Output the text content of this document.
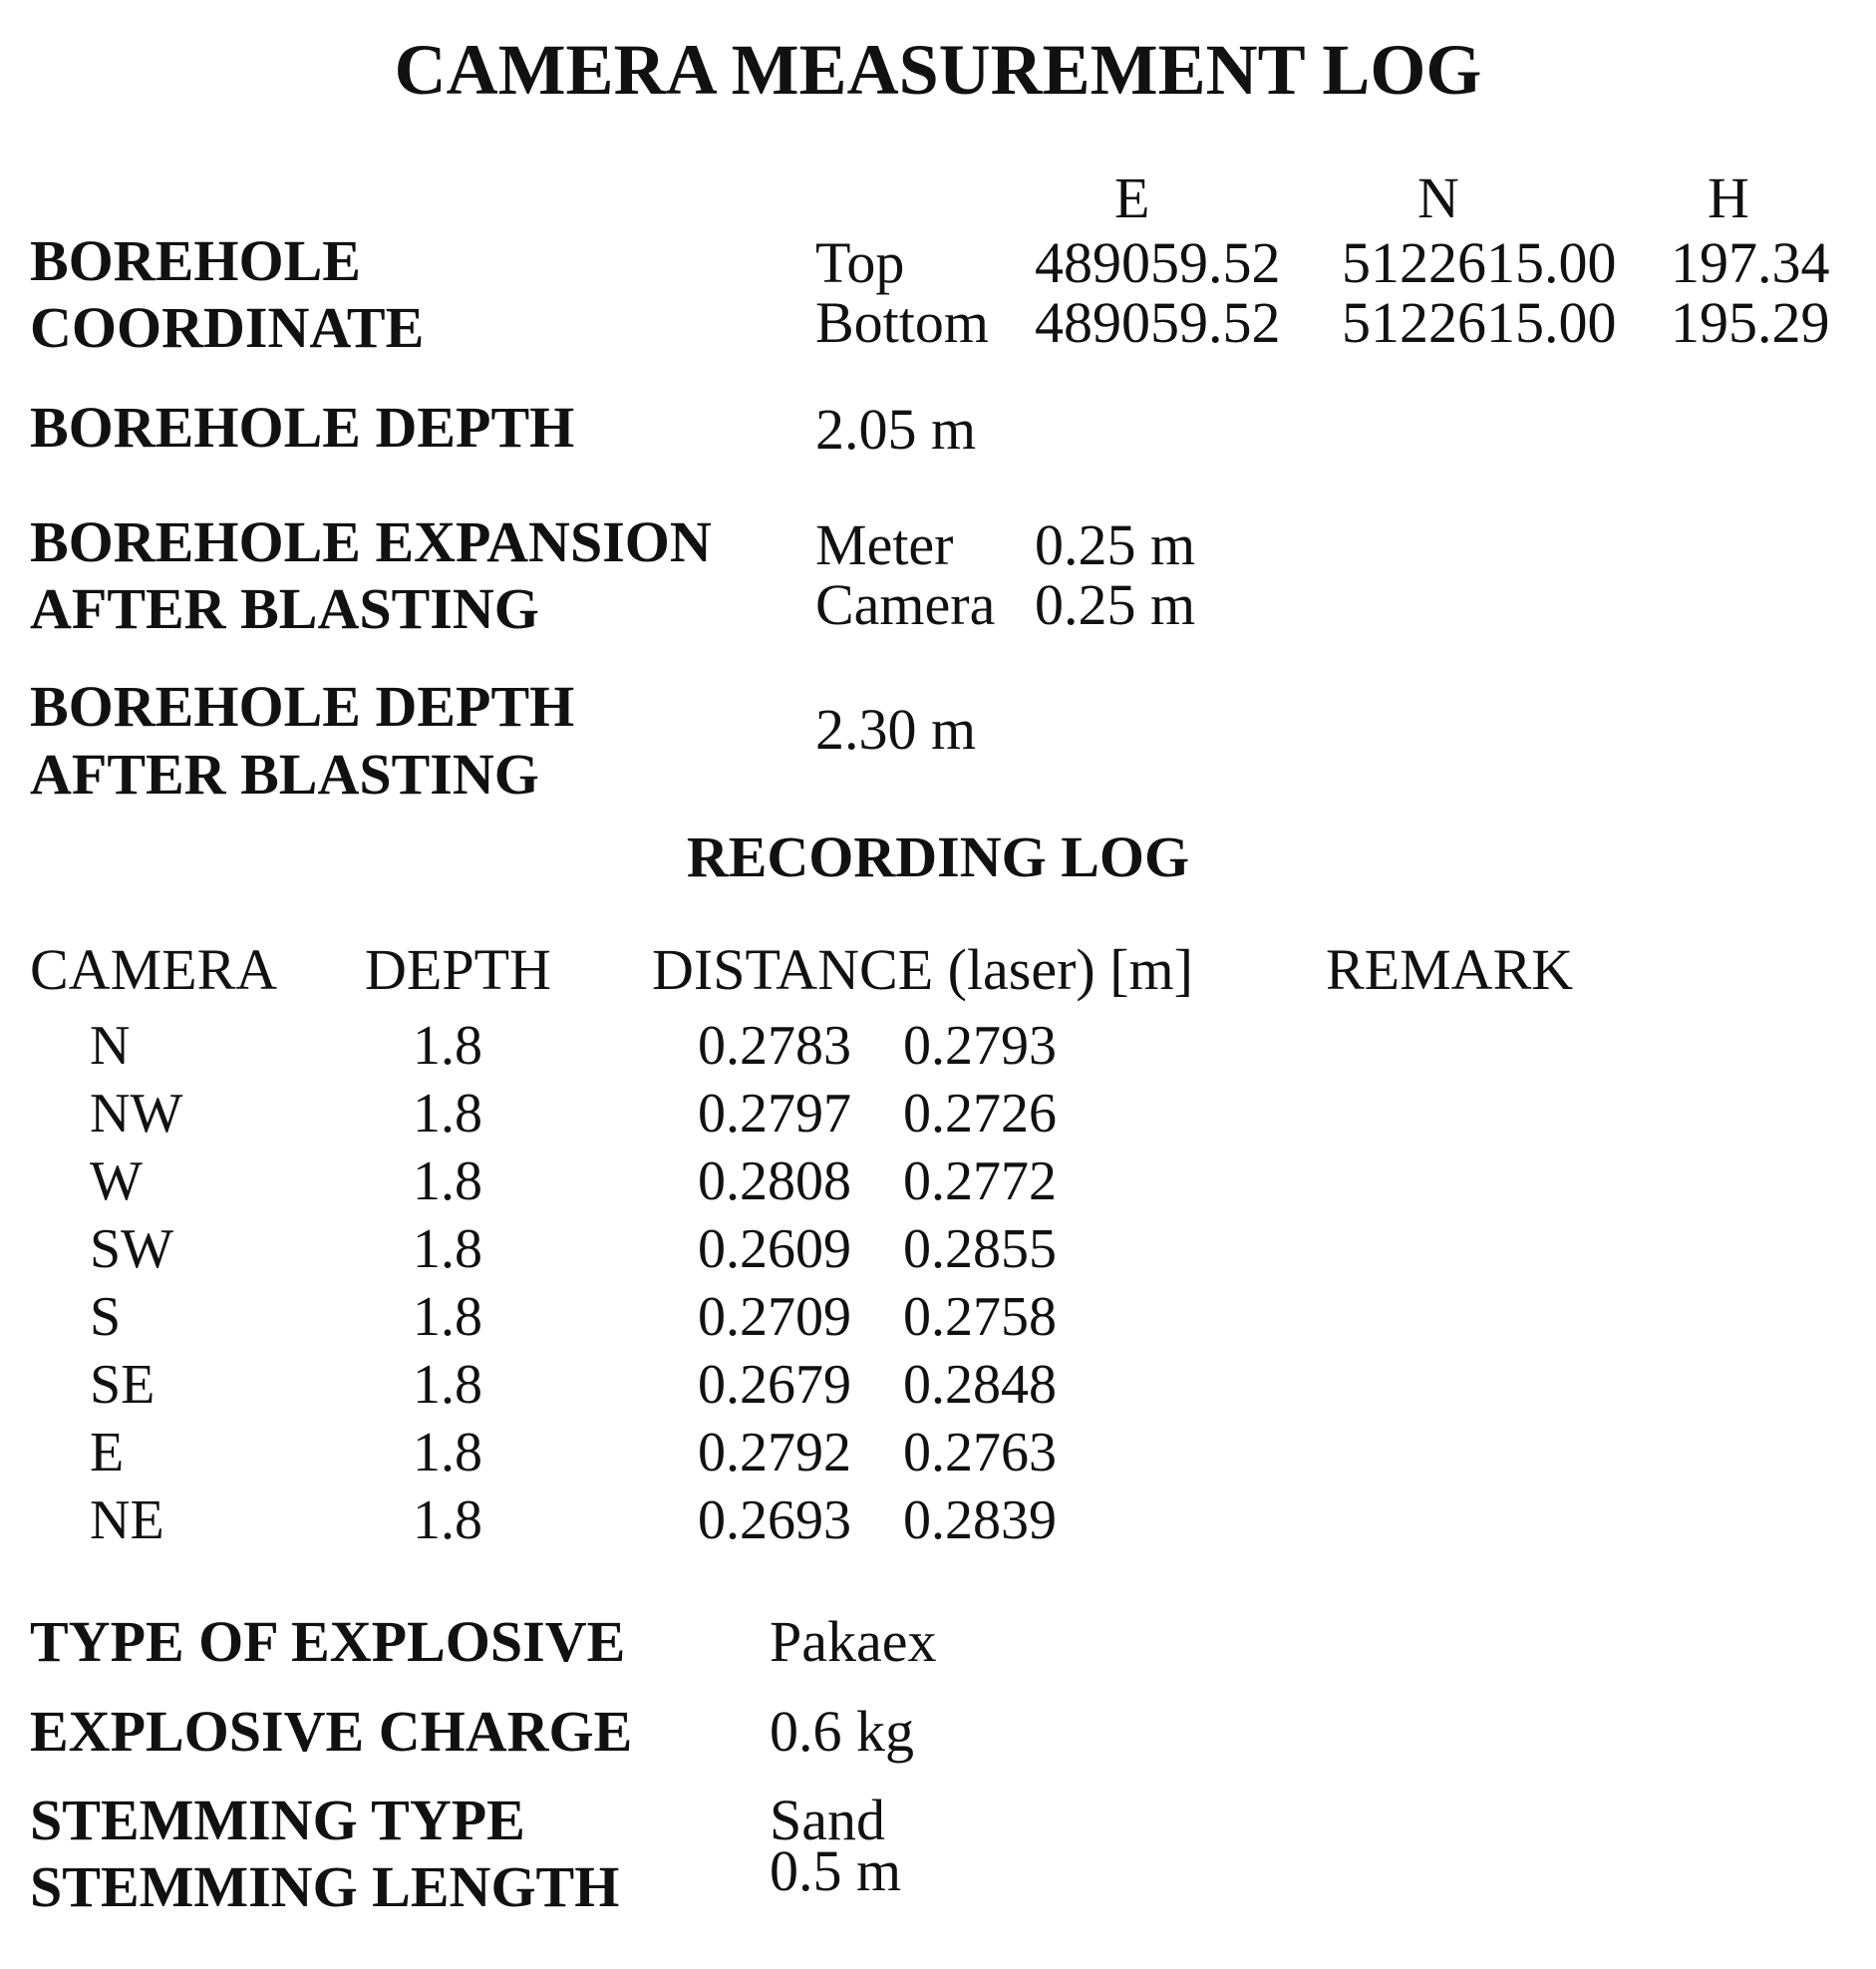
CAMERA MEASUREMENT LOG
E	N	H
BOREHOLE
COORDINATE
Top 489059.52 5122615.00 197.34
Bottom 489059.52 5122615.00 195.29
BOREHOLE DEPTH	2.05 m
BOREHOLE EXPANSION
AFTER BLASTING
Meter 0.25 m
Camera 0.25 m
BOREHOLE DEPTH
AFTER BLASTING
2.30 m
RECORDING LOG
CAMERA DEPTH DISTANCE (laser) [m] REMARK
N	1.8	0.2783 0.2793
NW	1.8	0.2797 0.2726
W	1.8	0.2808 0.2772
SW	1.8	0.2609 0.2855
S	1.8	0.2709 0.2758
SE	1.8	0.2679 0.2848
E	1.8	0.2792 0.2763
NE	1.8	0.2693 0.2839
TYPE OF EXPLOSIVE Pakaex
EXPLOSIVE CHARGE 0.6 kg
STEMMING TYPE	Sand
STEMMING LENGTH	0.5 m
